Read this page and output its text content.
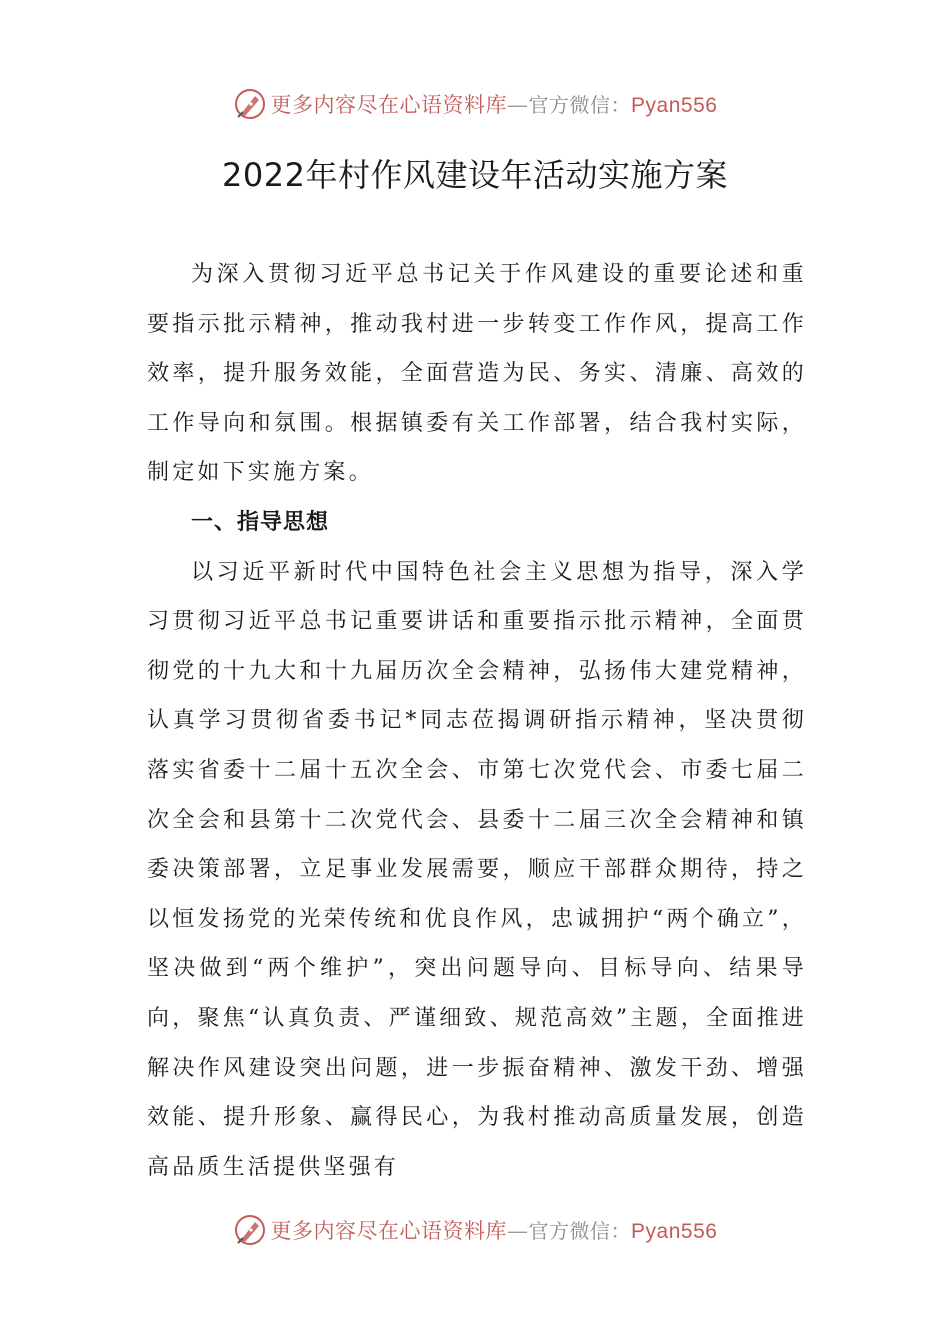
更多内容尽在心语资料库—官方微信：Pyan556
2022年村作风建设年活动实施方案

为深入贯彻习近平总书记关于作风建设的重要论述和重要指示批示精神，推动我村进一步转变工作作风，提高工作效率，提升服务效能，全面营造为民、务实、清廉、高效的工作导向和氛围。根据镇委有关工作部署，结合我村实际，制定如下实施方案。

一、指导思想

以习近平新时代中国特色社会主义思想为指导，深入学习贯彻习近平总书记重要讲话和重要指示批示精神，全面贯彻党的十九大和十九届历次全会精神，弘扬伟大建党精神，认真学习贯彻省委书记*同志莅揭调研指示精神，坚决贯彻落实省委十二届十五次全会、市第七次党代会、市委七届二次全会和县第十二次党代会、县委十二届三次全会精神和镇委决策部署，立足事业发展需要，顺应干部群众期待，持之以恒发扬党的光荣传统和优良作风，忠诚拥护“两个确立”，坚决做到“两个维护”，突出问题导向、目标导向、结果导向，聚焦“认真负责、严谨细致、规范高效”主题，全面推进解决作风建设突出问题，进一步振奋精神、激发干劲、增强效能、提升形象、赢得民心，为我村推动高质量发展，创造高品质生活提供坚强有

更多内容尽在心语资料库—官方微信：Pyan556
